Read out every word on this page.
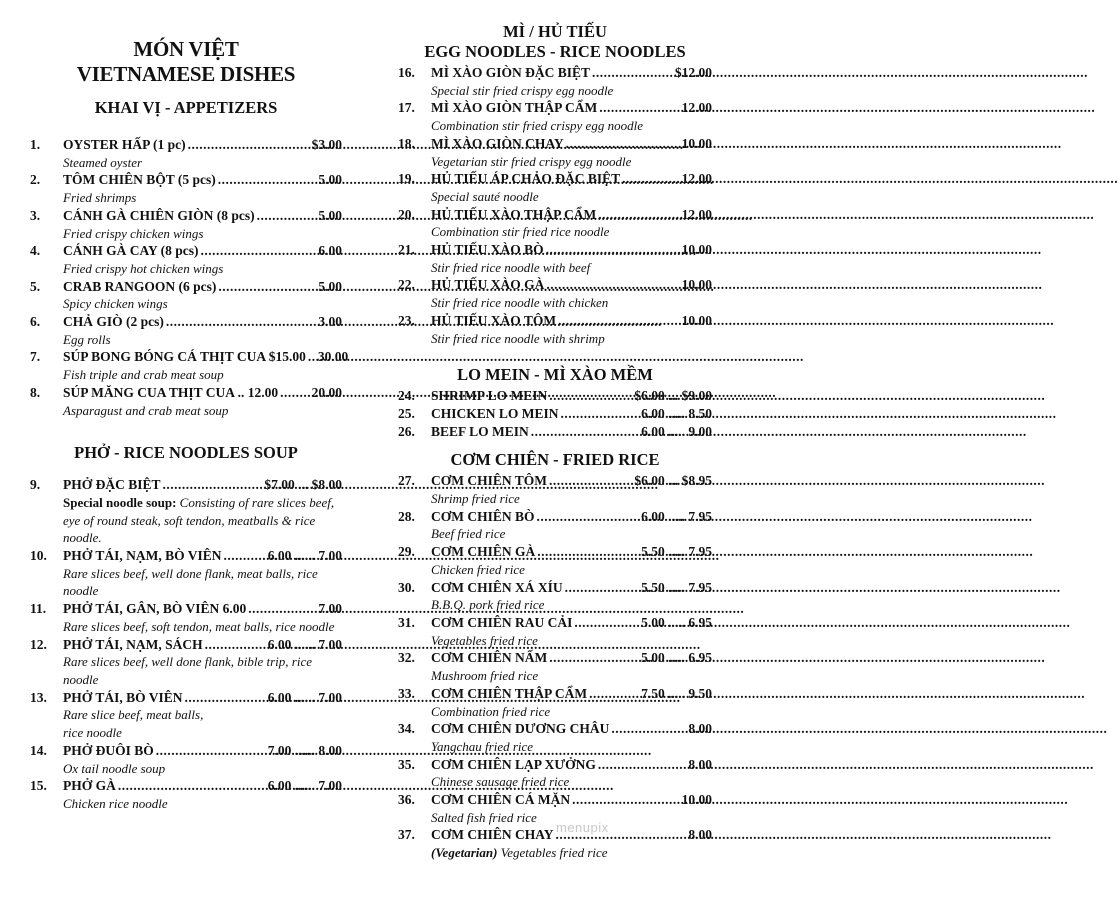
MÓN VIỆT
VIETNAMESE DISHES
KHAI VỊ - APPETIZERS
1.	OYSTER HẤP (1 pc) .....	$3.00
Steamed oyster
2.	TÔM CHIÊN BỘT (5 pcs) .....	5.00
Fried shrimps
3.	CÁNH GÀ CHIÊN GIÒN (8 pcs) .....	5.00
Fried crispy chicken wings
4.	CÁNH GÀ CAY (8 pcs) .....	6.00
Fried crispy hot chicken wings
5.	CRAB RANGOON (6 pcs) .....	5.00
Spicy chicken wings
6.	CHẢ GIÒ (2 pcs) .....	3.00
Egg rolls
7.	SÚP BONG BÓNG CÁ THỊT CUA $15.00 ..... 30.00
Fish triple and crab meat soup
8.	SÚP MĂNG CUA THỊT CUA .. 12.00 ..... 20.00
Asparagust and crab meat soup
PHỞ - RICE NOODLES SOUP
9.	PHỞ ĐẶC BIỆT .....	$7.00 ... $8.00
Special noodle soup: Consisting of rare slices beef, eye of round steak, soft tendon, meatballs & rice noodle.
10.	PHỞ TÁI, NẠM, BÒ VIÊN .....	6.00 ...... 7.00
Rare slices beef, well done flank, meat balls, rice noodle
11.	PHỞ TÁI, GÂN, BÒ VIÊN 6.00 .....	7.00
Rare slices beef, soft tendon, meat balls, rice noodle
12.	PHỞ TÁI, NẠM, SÁCH .....	6.00 ...... 7.00
Rare slices beef, well done flank, bible trip, rice noodle
13.	PHỞ TÁI, BÒ VIÊN .....	6.00 ...... 7.00
Rare slice beef, meat balls, rice noodle
14.	PHỞ ĐUÔI BÒ .....	7.00 ...... 8.00
Ox tail noodle soup
15.	PHỞ GÀ .....	6.00 ...... 7.00
Chicken rice noodle
MÌ / HỦ TIẾU
EGG NOODLES - RICE NOODLES
16.	MÌ XÀO GIÒN ĐẶC BIỆT .....	$12.00
Special stir fried crispy egg noodle
17.	MÌ XÀO GIÒN THẬP CẨM .....	12.00
Combination stir fried crispy egg noodle
18.	MÌ XÀO GIÒN CHAY .....	10.00
Vegetarian stir fried crispy egg noodle
19.	HỦ TIẾU ÁP CHẢO ĐẶC BIỆT .....	12.00
Special sauté noodle
20.	HỦ TIẾU XÀO THẬP CẨM .....	12.00
Combination stir fried rice noodle
21.	HỦ TIẾU XÀO BÒ .....	10.00
Stir fried rice noodle with beef
22.	HỦ TIẾU XÀO GÀ .....	10.00
Stir fried rice noodle with chicken
23.	HỦ TIẾU XÀO TÔM .....	10.00
Stir fried rice noodle with shrimp
LO MEIN - MÌ XÀO MỀM
24.	SHRIMP LO MEIN .....	$6.00 ... $9.00
25.	CHICKEN LO MEIN .....	6.00 ..... 8.50
26.	BEEF LO MEIN .....	6.00 ..... 9.00
CƠM CHIÊN - FRIED RICE
27.	CƠM CHIÊN TÔM .....	$6.00 ... $8.95
Shrimp fried rice
28.	CƠM CHIÊN BÒ .....	6.00 ..... 7.95
Beef fried rice
29.	CƠM CHIÊN GÀ .....	5.50 ..... 7.95
Chicken fried rice
30.	CƠM CHIÊN XÁ XÍU .....	5.50 ..... 7.95
B.B.Q. pork fried rice
31.	CƠM CHIÊN RAU CẢI .....	5.00 ..... 6.95
Vegetables fried rice
32.	CƠM CHIÊN NẤM .....	5.00 ..... 6.95
Mushroom fried rice
33.	CƠM CHIÊN THẬP CẨM .....	7.50 ..... 9.50
Combination fried rice
34.	CƠM CHIÊN DƯƠNG CHÂU .....	8.00
Yangchau fried rice
35.	CƠM CHIÊN LẠP XƯỞNG .....	8.00
Chinese sausage fried rice
36.	CƠM CHIÊN CÁ MẶN .....	10.00
Salted fish fried rice
37.	CƠM CHIÊN CHAY .....	8.00
(Vegetarian) Vegetables fried rice
menupix
